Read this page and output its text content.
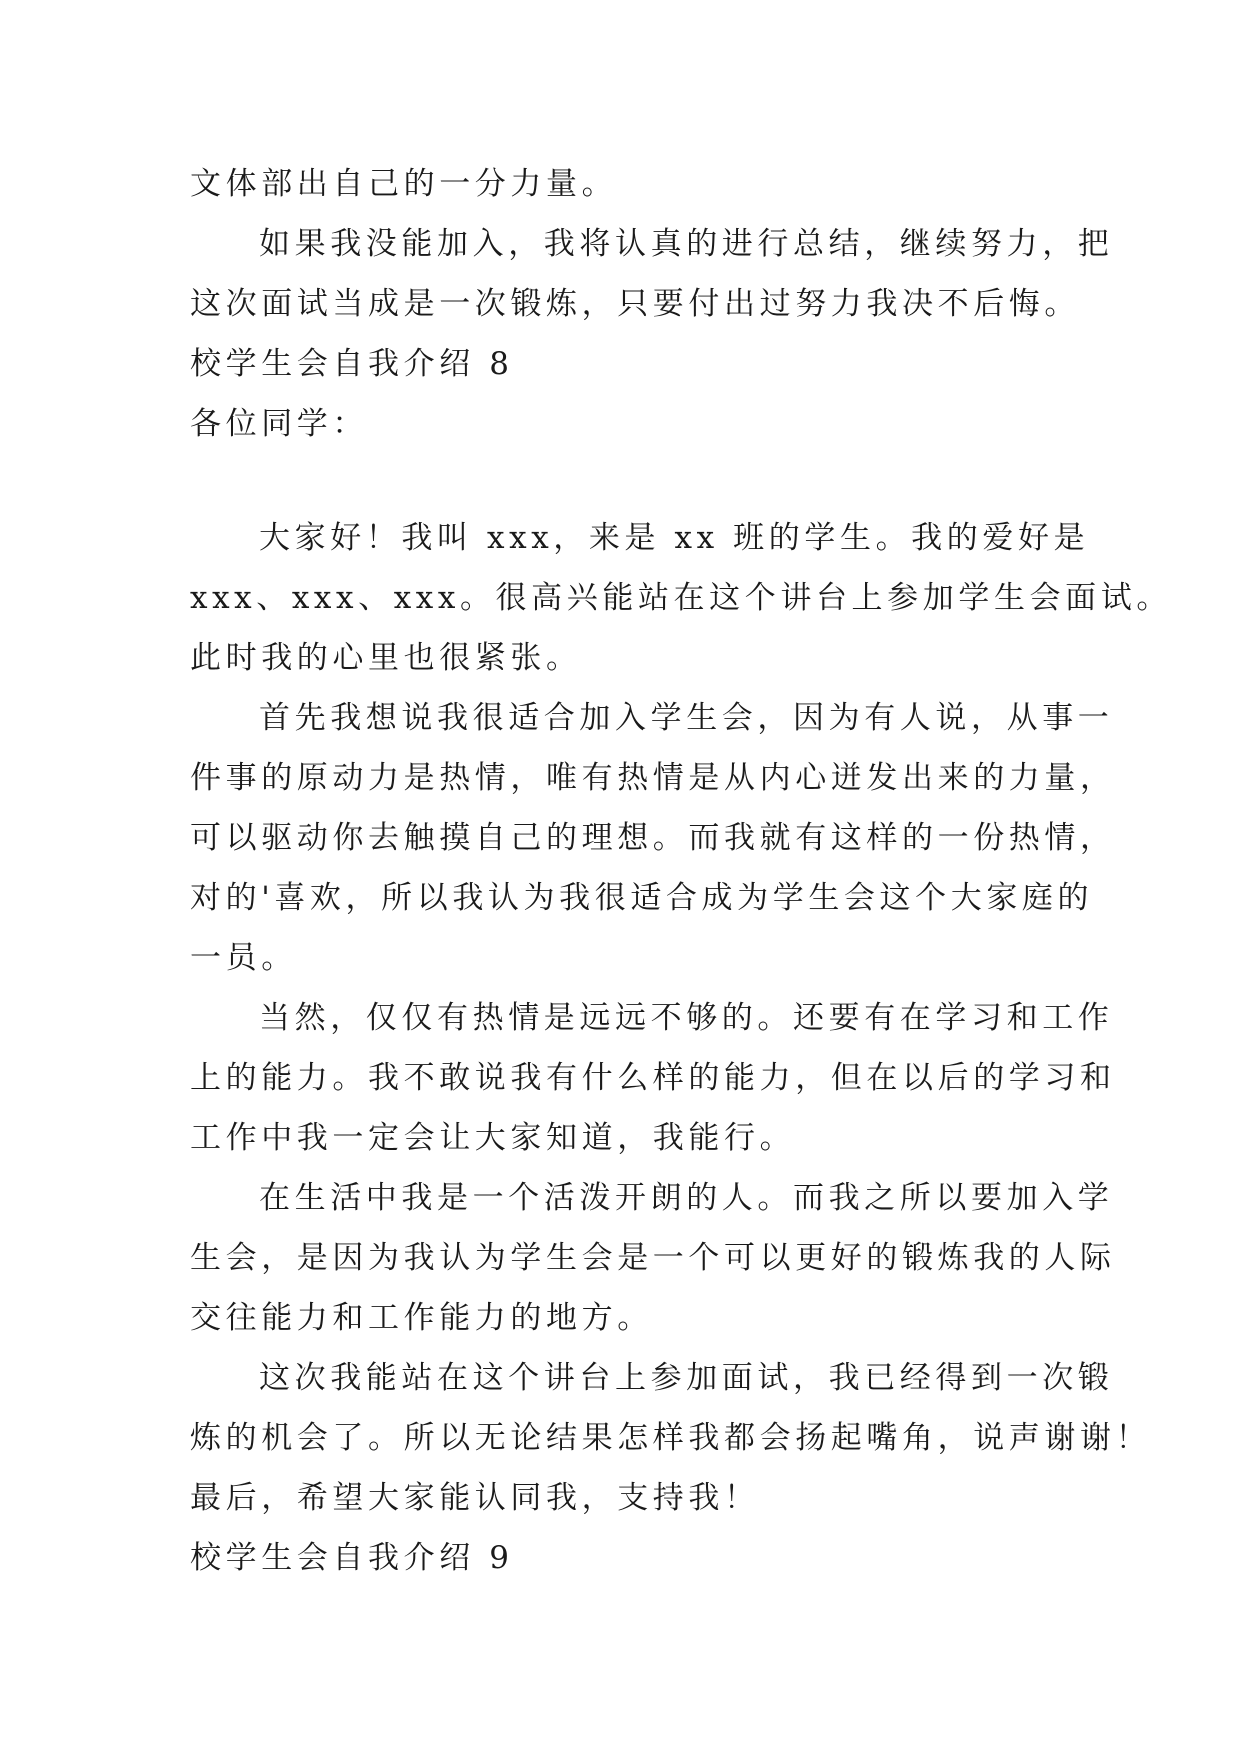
文体部出自己的一分力量。
如果我没能加入，我将认真的进行总结，继续努力，把
这次面试当成是一次锻炼，只要付出过努力我决不后悔。
校学生会自我介绍 8
各位同学：
大家好！我叫 xxx，来是 xx 班的学生。我的爱好是
xxx、xxx、xxx。很高兴能站在这个讲台上参加学生会面试。
此时我的心里也很紧张。
首先我想说我很适合加入学生会，因为有人说，从事一
件事的原动力是热情，唯有热情是从内心迸发出来的力量，
可以驱动你去触摸自己的理想。而我就有这样的一份热情，
对的'喜欢，所以我认为我很适合成为学生会这个大家庭的
一员。
当然，仅仅有热情是远远不够的。还要有在学习和工作
上的能力。我不敢说我有什么样的能力，但在以后的学习和
工作中我一定会让大家知道，我能行。
在生活中我是一个活泼开朗的人。而我之所以要加入学
生会，是因为我认为学生会是一个可以更好的锻炼我的人际
交往能力和工作能力的地方。
这次我能站在这个讲台上参加面试，我已经得到一次锻
炼的机会了。所以无论结果怎样我都会扬起嘴角，说声谢谢！
最后，希望大家能认同我，支持我！
校学生会自我介绍 9
